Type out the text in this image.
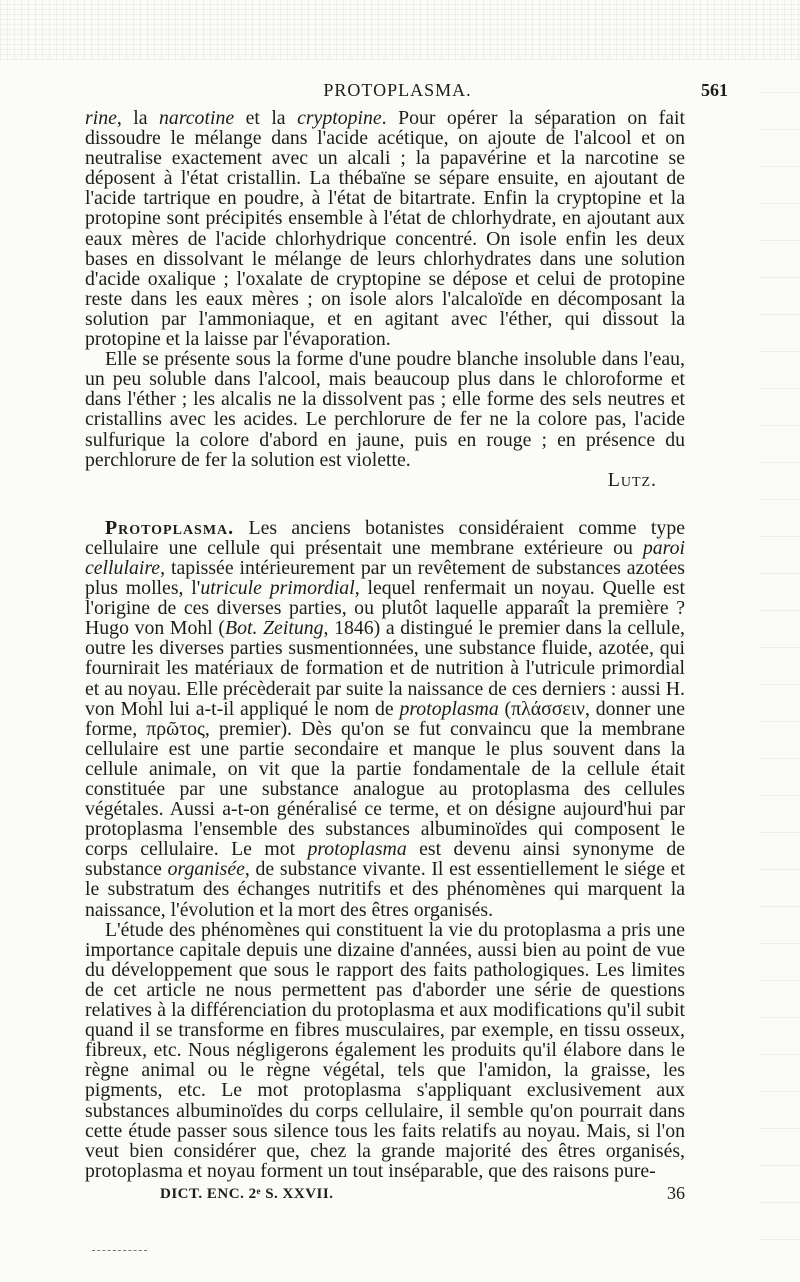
PROTOPLASMA.	561

rine, la narcotine et la cryptopine. Pour opérer la séparation on fait dissoudre le mélange dans l'acide acétique, on ajoute de l'alcool et on neutralise exactement avec un alcali ; la papavérine et la narcotine se déposent à l'état cristallin. La thébaïne se sépare ensuite, en ajoutant de l'acide tartrique en poudre, à l'état de bitartrate. Enfin la cryptopine et la protopine sont précipités ensemble à l'état de chlorhydrate, en ajoutant aux eaux mères de l'acide chlorhydrique concentré. On isole enfin les deux bases en dissolvant le mélange de leurs chlorhydrates dans une solution d'acide oxalique ; l'oxalate de cryptopine se dépose et celui de protopine reste dans les eaux mères ; on isole alors l'alcaloïde en décomposant la solution par l'ammoniaque, et en agitant avec l'éther, qui dissout la protopine et la laisse par l'évaporation.

Elle se présente sous la forme d'une poudre blanche insoluble dans l'eau, un peu soluble dans l'alcool, mais beaucoup plus dans le chloroforme et dans l'éther ; les alcalis ne la dissolvent pas ; elle forme des sels neutres et cristallins avec les acides. Le perchlorure de fer ne la colore pas, l'acide sulfurique la colore d'abord en jaune, puis en rouge ; en présence du perchlorure de fer la solution est violette.

Lutz.

Protoplasma. Les anciens botanistes considéraient comme type cellulaire une cellule qui présentait une membrane extérieure ou paroi cellulaire, tapissée intérieurement par un revêtement de substances azotées plus molles, l'utricule primordial, lequel renfermait un noyau. Quelle est l'origine de ces diverses parties, ou plutôt laquelle apparaît la première ? Hugo von Mohl (Bot. Zeitung, 1846) a distingué le premier dans la cellule, outre les diverses parties susmentionnées, une substance fluide, azotée, qui fournirait les matériaux de formation et de nutrition à l'utricule primordial et au noyau. Elle précèderait par suite la naissance de ces derniers : aussi H. von Mohl lui a-t-il appliqué le nom de protoplasma (πλάσσειν, donner une forme, πρῶτος, premier). Dès qu'on se fut convaincu que la membrane cellulaire est une partie secondaire et manque le plus souvent dans la cellule animale, on vit que la partie fondamentale de la cellule était constituée par une substance analogue au protoplasma des cellules végétales. Aussi a-t-on généralisé ce terme, et on désigne aujourd'hui par protoplasma l'ensemble des substances albuminoïdes qui composent le corps cellulaire. Le mot protoplasma est devenu ainsi synonyme de substance organisée, de substance vivante. Il est essentiellement le siége et le substratum des échanges nutritifs et des phénomènes qui marquent la naissance, l'évolution et la mort des êtres organisés.

L'étude des phénomènes qui constituent la vie du protoplasma a pris une importance capitale depuis une dizaine d'années, aussi bien au point de vue du développement que sous le rapport des faits pathologiques. Les limites de cet article ne nous permettent pas d'aborder une série de questions relatives à la différenciation du protoplasma et aux modifications qu'il subit quand il se transforme en fibres musculaires, par exemple, en tissu osseux, fibreux, etc. Nous négligerons également les produits qu'il élabore dans le règne animal ou le règne végétal, tels que l'amidon, la graisse, les pigments, etc. Le mot protoplasma s'appliquant exclusivement aux substances albuminoïdes du corps cellulaire, il semble qu'on pourrait dans cette étude passer sous silence tous les faits relatifs au noyau. Mais, si l'on veut bien considérer que, chez la grande majorité des êtres organisés, protoplasma et noyau forment un tout inséparable, que des raisons pure-

DICT. ENC. 2ᵉ S. XXVII.	36
